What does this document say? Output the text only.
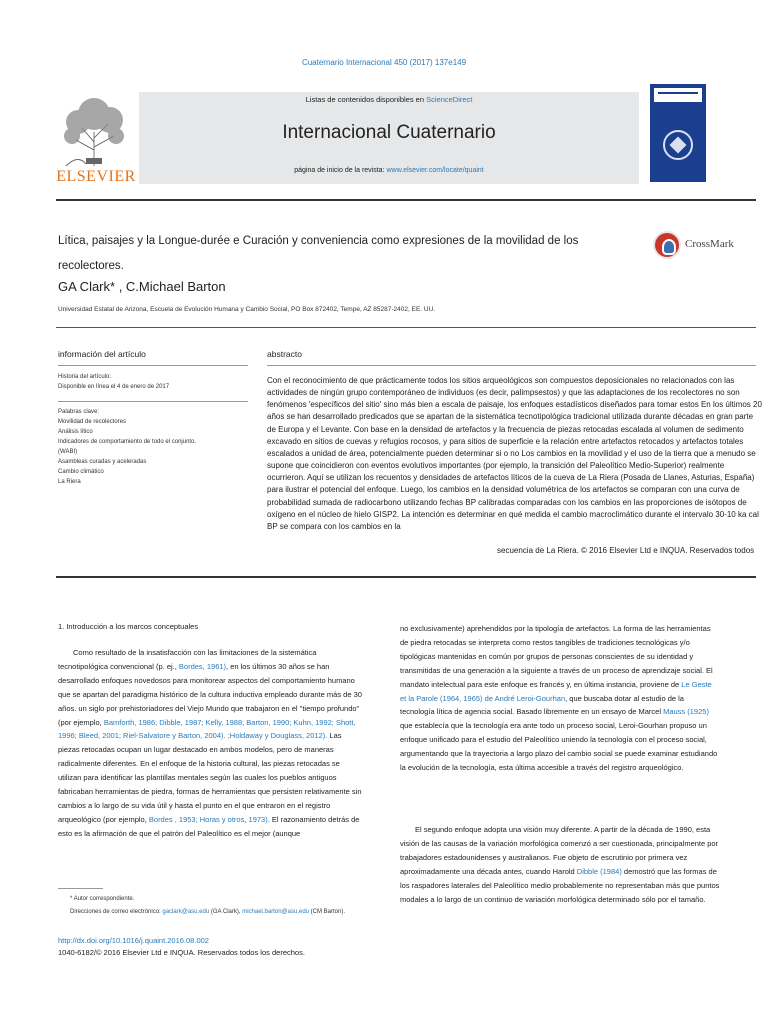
Cuaternario Internacional 450 (2017) 137e149
ELSEVIER
Listas de contenidos disponibles en ScienceDirect
Internacional Cuaternario
página de inicio de la revista: www.elsevier.com/locate/quaint
Lítica, paisajes y la Longue-durée e Curación y conveniencia como expresiones de la movilidad de los recolectores.
CrossMark
GA Clark* , C.Michael Barton
Universidad Estatal de Arizona, Escuela de Evolución Humana y Cambio Social, PO Box 872402, Tempe, AZ 85287-2402, EE. UU.
información del artículo
Historia del artículo:
Disponible en línea el 4 de enero de 2017
Palabras clave:
Movilidad de recolectores
Análisis lítico
Indicadores de comportamiento de todo el conjunto.
(WABI)
Asambleas curadas y aceleradas
Cambio climático
La Riera
abstracto
Con el reconocimiento de que prácticamente todos los sitios arqueológicos son compuestos deposicionales no relacionados con las actividades de ningún grupo contemporáneo de individuos (es decir, palimpsestos) y que las adaptaciones de los recolectores no son fenómenos 'específicos del sitio' sino más bien a escala de paisaje, los enfoques estadísticos diseñados para tomar estos En los últimos 20 años se han desarrollado predicados que se apartan de la sistemática tecnotipológica tradicional utilizada durante décadas en gran parte de Europa y el Levante. Con base en la densidad de artefactos y la frecuencia de piezas retocadas escalada al volumen de sedimento excavado en sitios de cuevas y refugios rocosos, y para sitios de superficie e la relación entre artefactos retocados y artefactos totales escalados a unidad de área, potencialmente pueden determinar si o no Los cambios en la movilidad y el uso de la tierra que a menudo se supone que coincidieron con eventos evolutivos importantes (por ejemplo, la transición del Paleolítico Medio-Superior) realmente ocurrieron. Aquí se utilizan los recuentos y densidades de artefactos líticos de la cueva de La Riera (Posada de Llanes, Asturias, España) para ilustrar el potencial del enfoque. Luego, los cambios en la densidad volumétrica de los artefactos se comparan con una curva de probabilidad sumada de radiocarbono utilizando fechas BP calibradas comparadas con los cambios en las proporciones de isótopos de oxígeno en el núcleo de hielo GISP2. La intención es determinar en qué medida el cambio macroclimático durante el intervalo 30-10 ka cal BP se compara con los cambios en la
secuencia de La Riera. © 2016 Elsevier Ltd e INQUA. Reservados todos
1. Introducción a los marcos conceptuales

  Como resultado de la insatisfacción con las limitaciones de la sistemática tecnotipológica convencional (p. ej., Bordes, 1961), en los últimos 30 años se han desarrollado enfoques novedosos para monitorear aspectos del comportamiento humano que se apartan del paradigma histórico de la cultura inductiva empleado durante más de 30 años. un siglo por prehistoriadores del Viejo Mundo que trabajaron en el "tiempo profundo" (por ejemplo, Bamforth, 1986; Dibble, 1987; Kelly, 1988; Barton, 1990; Kuhn, 1992; Shott, 1996; Bleed, 2001; Riel-Salvatore y Barton, 2004). ;Holdaway y Douglass, 2012). Las piezas retocadas ocupan un lugar destacado en ambos modelos, pero de maneras radicalmente diferentes. En el enfoque de la historia cultural, las piezas retocadas se utilizan para identificar las plantillas mentales según las cuales los pueblos antiguos fabricaban herramientas de piedra, formas de herramientas que persisten relativamente sin cambios a lo largo de su vida útil y hasta el punto en el que entraron en el registro arqueológico (por ejemplo, Bordes , 1953; Horas y otros, 1973). El razonamiento detrás de esto es la afirmación de que el patrón del Paleolítico es el mejor (aunque

no exclusivamente) aprehendidos por la tipología de artefactos. La forma de las herramientas de piedra retocadas se interpreta como restos tangibles de tradiciones tecnológicas y/o tipológicas mantenidas en común por grupos de personas conscientes de su identidad y transmitidas de una generación a la siguiente a través de un proceso de aprendizaje social. El mandato intelectual para este enfoque es francés y, en última instancia, proviene de Le Geste et la Parole (1964, 1965) de André Leroi-Gourhan, que buscaba dotar al estudio de la tecnología lítica de agencia social. Basado libremente en un ensayo de Marcel Mauss (1925) que establecía que la tecnología era ante todo un proceso social, Leroi-Gourhan propuso un enfoque unificado para el estudio del Paleolítico uniendo la tecnología con el proceso social, argumentando que la trayectoria a largo plazo del cambio social se puede examinar estudiando la evolución de la tecnología, esta última accesible a través del registro arqueológico.

  El segundo enfoque adopta una visión muy diferente. A partir de la década de 1990, esta visión de las causas de la variación morfológica comenzó a ser cuestionada, principalmente por trabajadores estadounidenses y australianos. Fue objeto de escrutinio por primera vez aproximadamente una década antes, cuando Harold Dibble (1984) demostró que las formas de los raspadores laterales del Paleolítico medio probablemente no representaban más que puntos modales a lo largo de un continuo de variación morfológica determinado sólo por el tamaño.

  * Autor correspondiente.
  Direcciones de correo electrónico: gaclark@asu.edu (GA Clark), michael.barton@asu.edu (CM Barton).
http://dx.doi.org/10.1016/j.quaint.2016.08.002
1040-6182/© 2016 Elsevier Ltd e INQUA. Reservados todos los derechos.
